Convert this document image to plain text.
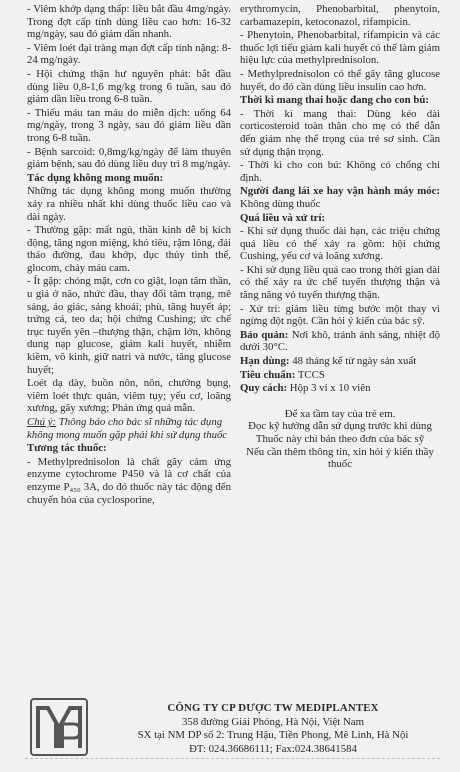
- Viêm khớp dạng thấp: liều bắt đầu 4mg/ngày. Trong đợt cấp tính dùng liều cao hơn: 16-32 mg/ngày, sau đó giảm dần nhanh.

- Viêm loét đại tràng mạn đợt cấp tính nặng: 8-24 mg/ngày.

- Hội chứng thận hư nguyên phát: bắt đầu dùng liều 0,8-1,6 mg/kg trong 6 tuần, sau đó giảm dần liều trong 6-8 tuần.

- Thiếu máu tan máu do miễn dịch: uống 64 mg/ngày, trong 3 ngày, sau đó giảm liều dần trong 6-8 tuần.

- Bệnh sarcoid: 0,8mg/kg/ngày để làm thuyên giảm bệnh, sau đó dùng liều duy trì 8 mg/ngày.

Tác dụng không mong muốn:

Những tác dụng không mong muốn thường xảy ra nhiều nhất khi dùng thuốc liều cao và dài ngày.

- Thường gặp: mất ngủ, thần kinh dễ bị kích động, tăng ngon miệng, khó tiêu, rậm lông, đái tháo đường, đau khớp, đục thủy tinh thể, glocom, chảy máu cam.

- Ít gặp: chóng mặt, cơn co giật, loạn tâm thần, u giả ở não, nhức đầu, thay đổi tâm trạng, mê sảng, ảo giác, sảng khoái; phù, tăng huyết áp; trứng cá, teo da; hội chứng Cushing; ức chế trục tuyến yên –thượng thận, chậm lớn, không dung nạp glucose, giảm kali huyết, nhiễm kiềm, vô kinh, giữ natri và nước, tăng glucose huyết;

Loét dạ dày, buồn nôn, nôn, chướng bụng, viêm loét thực quản, viêm tụy; yếu cơ, loãng xương, gãy xương; Phản ứng quá mẫn.

Chú ý: Thông báo cho bác sĩ những tác dụng không mong muốn gặp phải khi sử dụng thuốc

Tương tác thuốc:

- Methylprednisolon là chất gây cảm ứng enzyme cytochrome P450 và là cơ chất của enzyme P₄₅₀ 3A, do đó thuốc này tác động đến chuyển hóa của cyclosporine,

erythromycin, Phenobarbital, phenytoin, carbamazepin, ketoconazol, rifampicin.

- Phenytoin, Phenobarbital, rifampicin và các thuốc lợi tiểu giảm kali huyết có thể làm giảm hiệu lực của methylprednisolon.

- Methylprednisolon có thể gây tăng glucose huyết, do đó cần dùng liều insulin cao hơn.

Thời kì mang thai hoặc đang cho con bú:

- Thời kì mang thai: Dùng kéo dài corticosteroid toàn thân cho mẹ có thể dẫn đến giảm nhẹ thể trọng của trẻ sơ sinh. Cần sử dụng thận trọng.

- Thời kì cho con bú: Không có chống chỉ định.

Người đang lái xe hay vận hành máy móc: Không dùng thuốc

Quá liều và xử trí:

- Khi sử dụng thuốc dài hạn, các triệu chứng quá liều có thể xảy ra gồm: hội chứng Cushing, yếu cơ và loãng xương.

- Khi sử dụng liều quá cao trong thời gian dài có thể xảy ra ức chế tuyến thượng thận và tăng năng vỏ tuyến thượng thận.

- Xử trí: giảm liều từng bước một thay vì ngừng đột ngột. Cần hỏi ý kiến của bác sỹ.

Bảo quản: Nơi khô, tránh ánh sáng, nhiệt độ dưới 30°C.

Hạn dùng: 48 tháng kể từ ngày sản xuất

Tiêu chuẩn: TCCS

Quy cách: Hộp 3 vỉ x 10 viên

Để xa tầm tay của trẻ em.

Đọc kỹ hướng dẫn sử dụng trước khi dùng

Thuốc này chỉ bán theo đơn của bác sỹ

Nếu cần thêm thông tin, xin hỏi ý kiến thầy thuốc

CÔNG TY CP DƯỢC TW MEDIPLANTEX
358 đường Giải Phóng, Hà Nội, Việt Nam
SX tại NM DP số 2: Trung Hậu, Tiền Phong, Mê Linh, Hà Nội
ĐT: 024.36686111; Fax:024.38641584
